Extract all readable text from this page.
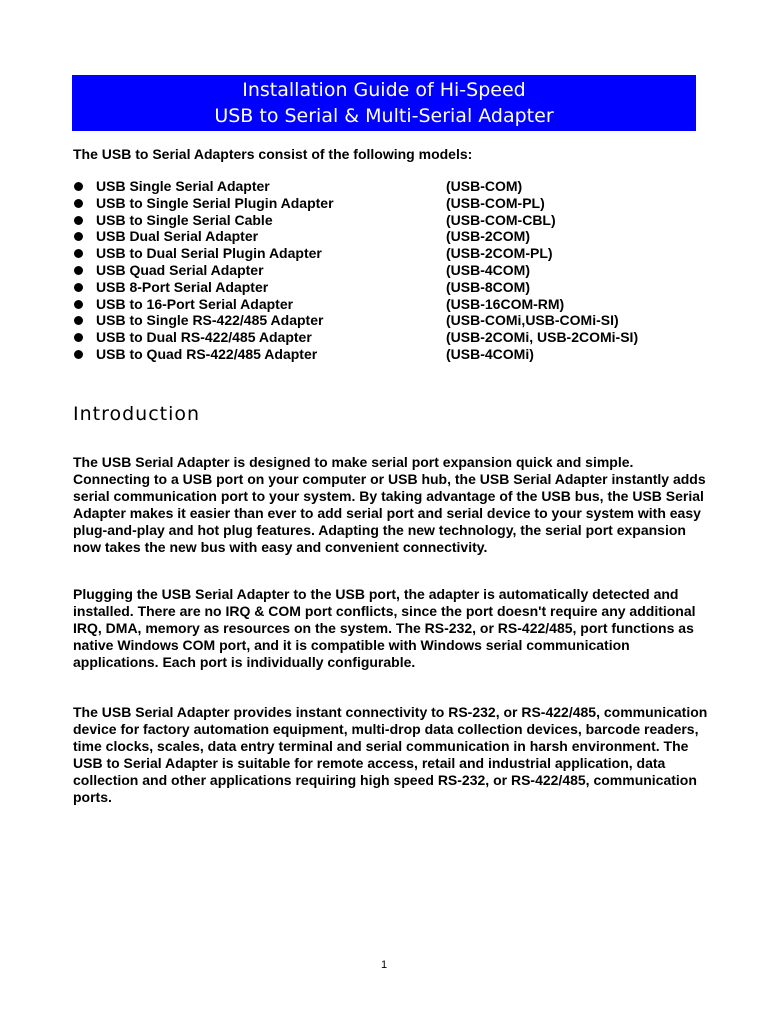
Installation Guide of Hi-Speed
USB to Serial & Multi-Serial Adapter
The USB to Serial Adapters consist of the following models:
USB Single Serial Adapter	(USB-COM)
USB to Single Serial Plugin Adapter	(USB-COM-PL)
USB to Single Serial Cable	(USB-COM-CBL)
USB Dual Serial Adapter	(USB-2COM)
USB to Dual Serial Plugin Adapter	(USB-2COM-PL)
USB Quad Serial Adapter	(USB-4COM)
USB 8-Port Serial Adapter	(USB-8COM)
USB to 16-Port Serial Adapter	(USB-16COM-RM)
USB to Single RS-422/485 Adapter	(USB-COMi,USB-COMi-SI)
USB to Dual RS-422/485 Adapter	(USB-2COMi, USB-2COMi-SI)
USB to Quad RS-422/485 Adapter	(USB-4COMi)
Introduction

The USB Serial Adapter is designed to make serial port expansion quick and simple. Connecting to a USB port on your computer or USB hub, the USB Serial Adapter instantly adds serial communication port to your system. By taking advantage of the USB bus, the USB Serial Adapter makes it easier than ever to add serial port and serial device to your system with easy plug-and-play and hot plug features. Adapting the new technology, the serial port expansion now takes the new bus with easy and convenient connectivity.

Plugging the USB Serial Adapter to the USB port, the adapter is automatically detected and installed. There are no IRQ & COM port conflicts, since the port doesn't require any additional IRQ, DMA, memory as resources on the system. The RS-232, or RS-422/485, port functions as native Windows COM port, and it is compatible with Windows serial communication applications. Each port is individually configurable.

The USB Serial Adapter provides instant connectivity to RS-232, or RS-422/485, communication device for factory automation equipment, multi-drop data collection devices, barcode readers, time clocks, scales, data entry terminal and serial communication in harsh environment. The USB to Serial Adapter is suitable for remote access, retail and industrial application, data collection and other applications requiring high speed RS-232, or RS-422/485, communication ports.

1
